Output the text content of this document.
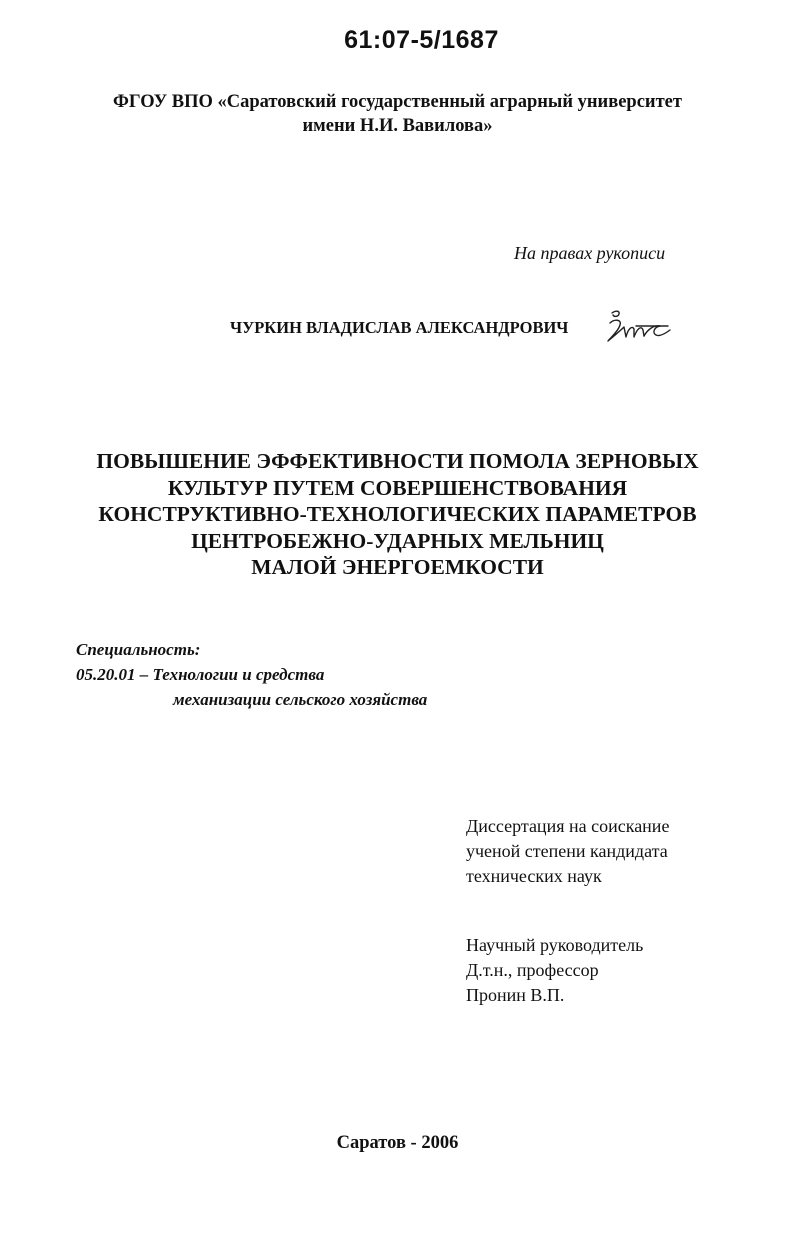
61:07-5/1687
ФГОУ ВПО «Саратовский государственный аграрный университет
имени Н.И. Вавилова»
На правах рукописи
ЧУРКИН ВЛАДИСЛАВ АЛЕКСАНДРОВИЧ
ПОВЫШЕНИЕ ЭФФЕКТИВНОСТИ ПОМОЛА ЗЕРНОВЫХ
КУЛЬТУР ПУТЕМ СОВЕРШЕНСТВОВАНИЯ
КОНСТРУКТИВНО-ТЕХНОЛОГИЧЕСКИХ ПАРАМЕТРОВ
ЦЕНТРОБЕЖНО-УДАРНЫХ МЕЛЬНИЦ
МАЛОЙ ЭНЕРГОЕМКОСТИ
Специальность:
05.20.01 – Технологии и средства
механизации сельского хозяйства
Диссертация на соискание
ученой степени кандидата
технических наук
Научный руководитель
Д.т.н., профессор
Пронин В.П.
Саратов - 2006
